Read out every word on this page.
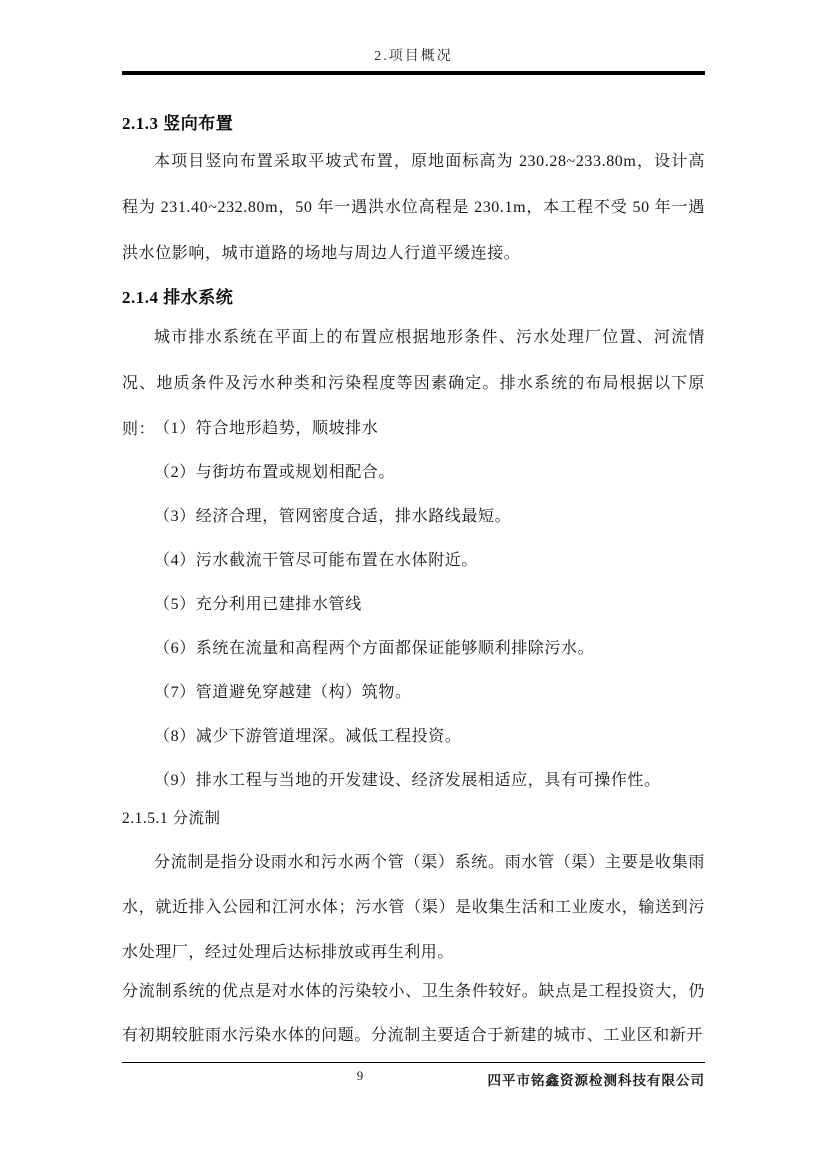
2.项目概况
2.1.3 竖向布置
本项目竖向布置采取平坡式布置，原地面标高为 230.28~233.80m，设计高程为 231.40~232.80m，50 年一遇洪水位高程是 230.1m，本工程不受 50 年一遇洪水位影响，城市道路的场地与周边人行道平缓连接。
2.1.4 排水系统
城市排水系统在平面上的布置应根据地形条件、污水处理厂位置、河流情况、地质条件及污水种类和污染程度等因素确定。排水系统的布局根据以下原则：
（1）符合地形趋势，顺坡排水
（2）与街坊布置或规划相配合。
（3）经济合理，管网密度合适，排水路线最短。
（4）污水截流干管尽可能布置在水体附近。
（5）充分利用已建排水管线
（6）系统在流量和高程两个方面都保证能够顺利排除污水。
（7）管道避免穿越建（构）筑物。
（8）减少下游管道埋深。减低工程投资。
（9）排水工程与当地的开发建设、经济发展相适应，具有可操作性。
2.1.5.1 分流制
分流制是指分设雨水和污水两个管（渠）系统。雨水管（渠）主要是收集雨水，就近排入公园和江河水体；污水管（渠）是收集生活和工业废水，输送到污水处理厂，经过处理后达标排放或再生利用。
分流制系统的优点是对水体的污染较小、卫生条件较好。缺点是工程投资大，仍有初期较脏雨水污染水体的问题。分流制主要适合于新建的城市、工业区和新开
9	四平市铭鑫资源检测科技有限公司
